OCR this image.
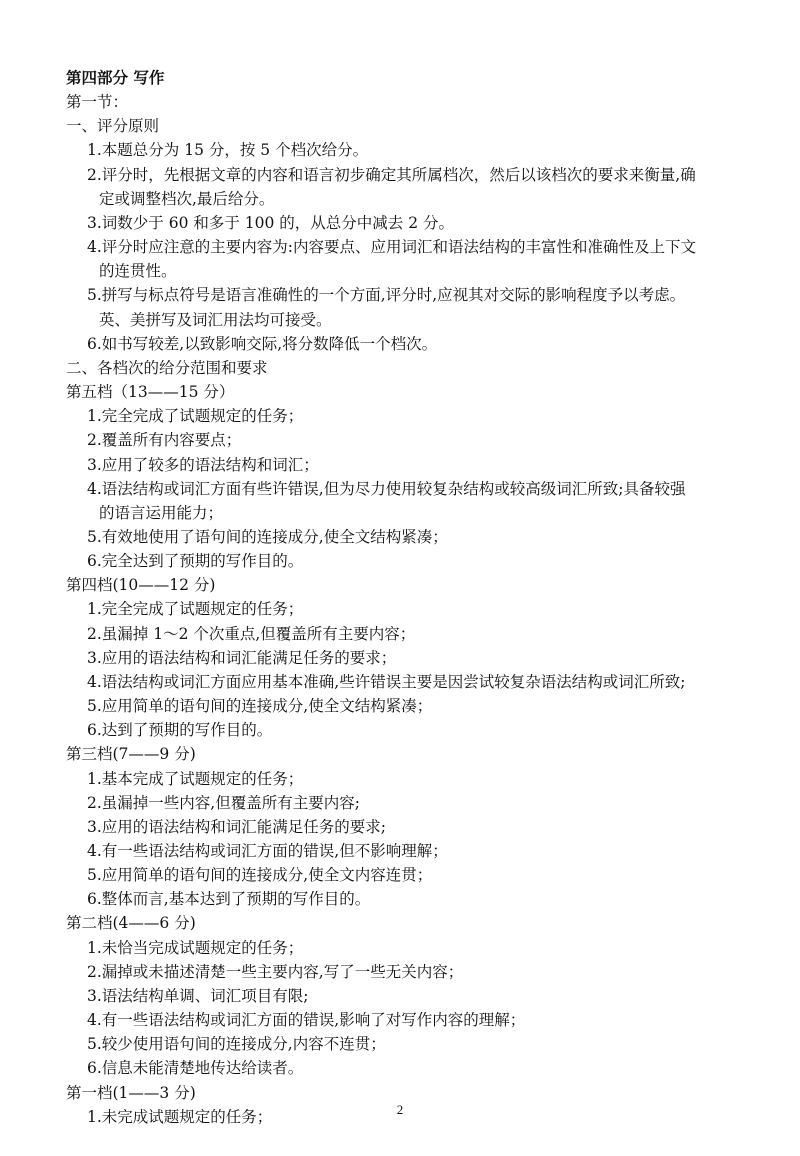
第四部分 写作
第一节：
一、评分原则
1.本题总分为 15 分，按 5 个档次给分。
2.评分时，先根据文章的内容和语言初步确定其所属档次，然后以该档次的要求来衡量,确
定或调整档次,最后给分。
3.词数少于 60 和多于 100 的，从总分中减去 2 分。
4.评分时应注意的主要内容为:内容要点、应用词汇和语法结构的丰富性和准确性及上下文
的连贯性。
5.拼写与标点符号是语言准确性的一个方面,评分时,应视其对交际的影响程度予以考虑。
英、美拼写及词汇用法均可接受。
6.如书写较差,以致影响交际,将分数降低一个档次。
二、各档次的给分范围和要求
第五档（13——15 分）
1.完全完成了试题规定的任务；
2.覆盖所有内容要点；
3.应用了较多的语法结构和词汇；
4.语法结构或词汇方面有些许错误,但为尽力使用较复杂结构或较高级词汇所致;具备较强
的语言运用能力；
5.有效地使用了语句间的连接成分,使全文结构紧凑；
6.完全达到了预期的写作目的。
第四档(10——12 分)
1.完全完成了试题规定的任务；
2.虽漏掉 1～2 个次重点,但覆盖所有主要内容；
3.应用的语法结构和词汇能满足任务的要求；
4.语法结构或词汇方面应用基本准确,些许错误主要是因尝试较复杂语法结构或词汇所致;
5.应用简单的语句间的连接成分,使全文结构紧凑；
6.达到了预期的写作目的。
第三档(7——9 分)
1.基本完成了试题规定的任务；
2.虽漏掉一些内容,但覆盖所有主要内容;
3.应用的语法结构和词汇能满足任务的要求;
4.有一些语法结构或词汇方面的错误,但不影响理解；
5.应用简单的语句间的连接成分,使全文内容连贯；
6.整体而言,基本达到了预期的写作目的。
第二档(4——6 分)
1.未恰当完成试题规定的任务；
2.漏掉或未描述清楚一些主要内容,写了一些无关内容；
3.语法结构单调、词汇项目有限;
4.有一些语法结构或词汇方面的错误,影响了对写作内容的理解；
5.较少使用语句间的连接成分,内容不连贯；
6.信息未能清楚地传达给读者。
第一档(1——3 分)
1.未完成试题规定的任务；	2
